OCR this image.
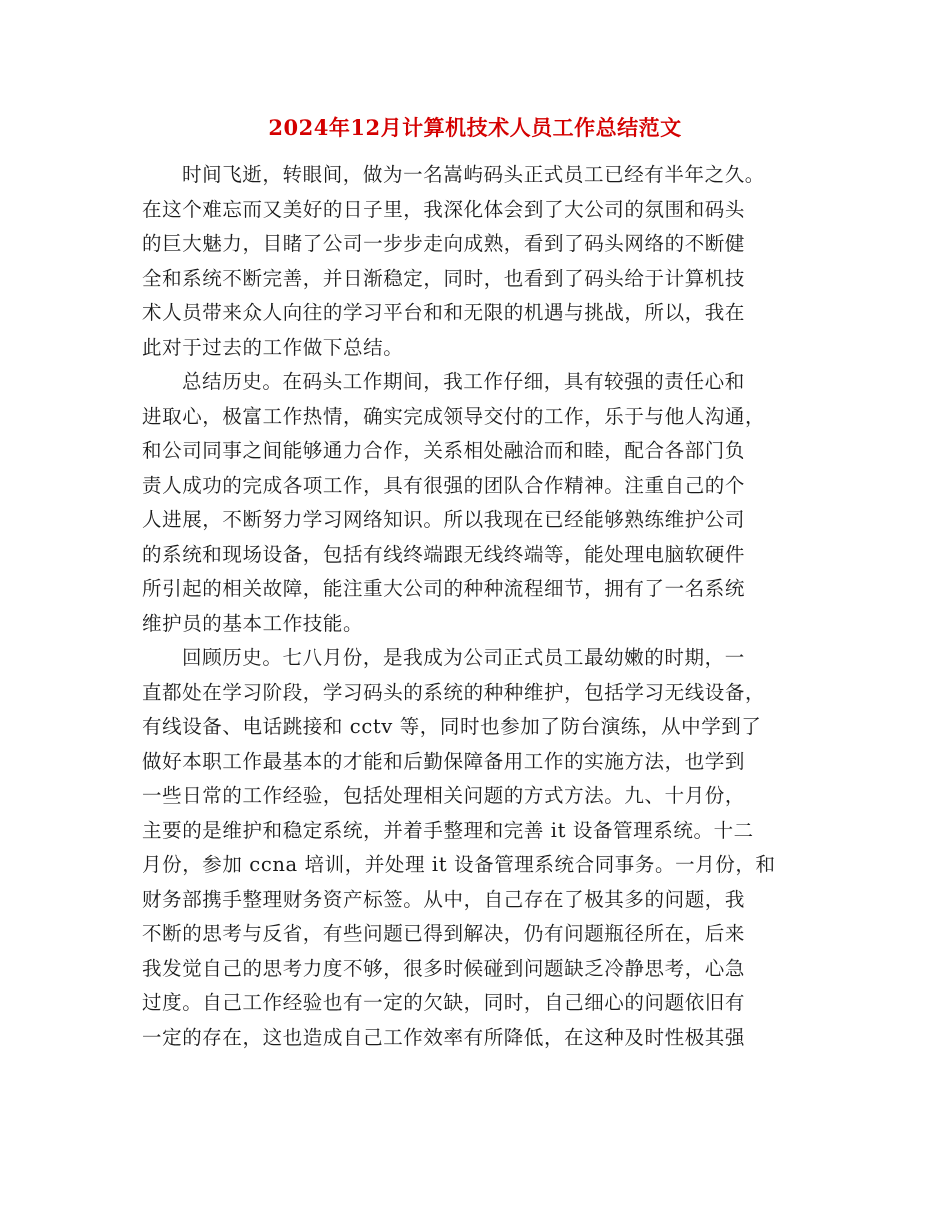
2024年12月计算机技术人员工作总结范文
时间飞逝，转眼间，做为一名嵩屿码头正式员工已经有半年之久。
在这个难忘而又美好的日子里，我深化体会到了大公司的氛围和码头
的巨大魅力，目睹了公司一步步走向成熟，看到了码头网络的不断健
全和系统不断完善，并日渐稳定，同时，也看到了码头给于计算机技
术人员带来众人向往的学习平台和和无限的机遇与挑战，所以，我在
此对于过去的工作做下总结。
总结历史。在码头工作期间，我工作仔细，具有较强的责任心和
进取心，极富工作热情，确实完成领导交付的工作，乐于与他人沟通，
和公司同事之间能够通力合作，关系相处融洽而和睦，配合各部门负
责人成功的完成各项工作，具有很强的团队合作精神。注重自己的个
人进展，不断努力学习网络知识。所以我现在已经能够熟练维护公司
的系统和现场设备，包括有线终端跟无线终端等，能处理电脑软硬件
所引起的相关故障，能注重大公司的种种流程细节，拥有了一名系统
维护员的基本工作技能。
回顾历史。七八月份，是我成为公司正式员工最幼嫩的时期，一
直都处在学习阶段，学习码头的系统的种种维护，包括学习无线设备，
有线设备、电话跳接和 cctv 等，同时也参加了防台演练，从中学到了
做好本职工作最基本的才能和后勤保障备用工作的实施方法，也学到
一些日常的工作经验，包括处理相关问题的方式方法。九、十月份，
主要的是维护和稳定系统，并着手整理和完善 it 设备管理系统。十二
月份，参加 ccna 培训，并处理 it 设备管理系统合同事务。一月份，和
财务部携手整理财务资产标签。从中，自己存在了极其多的问题，我
不断的思考与反省，有些问题已得到解决，仍有问题瓶径所在，后来
我发觉自己的思考力度不够，很多时候碰到问题缺乏冷静思考，心急
过度。自己工作经验也有一定的欠缺，同时，自己细心的问题依旧有
一定的存在，这也造成自己工作效率有所降低，在这种及时性极其强
